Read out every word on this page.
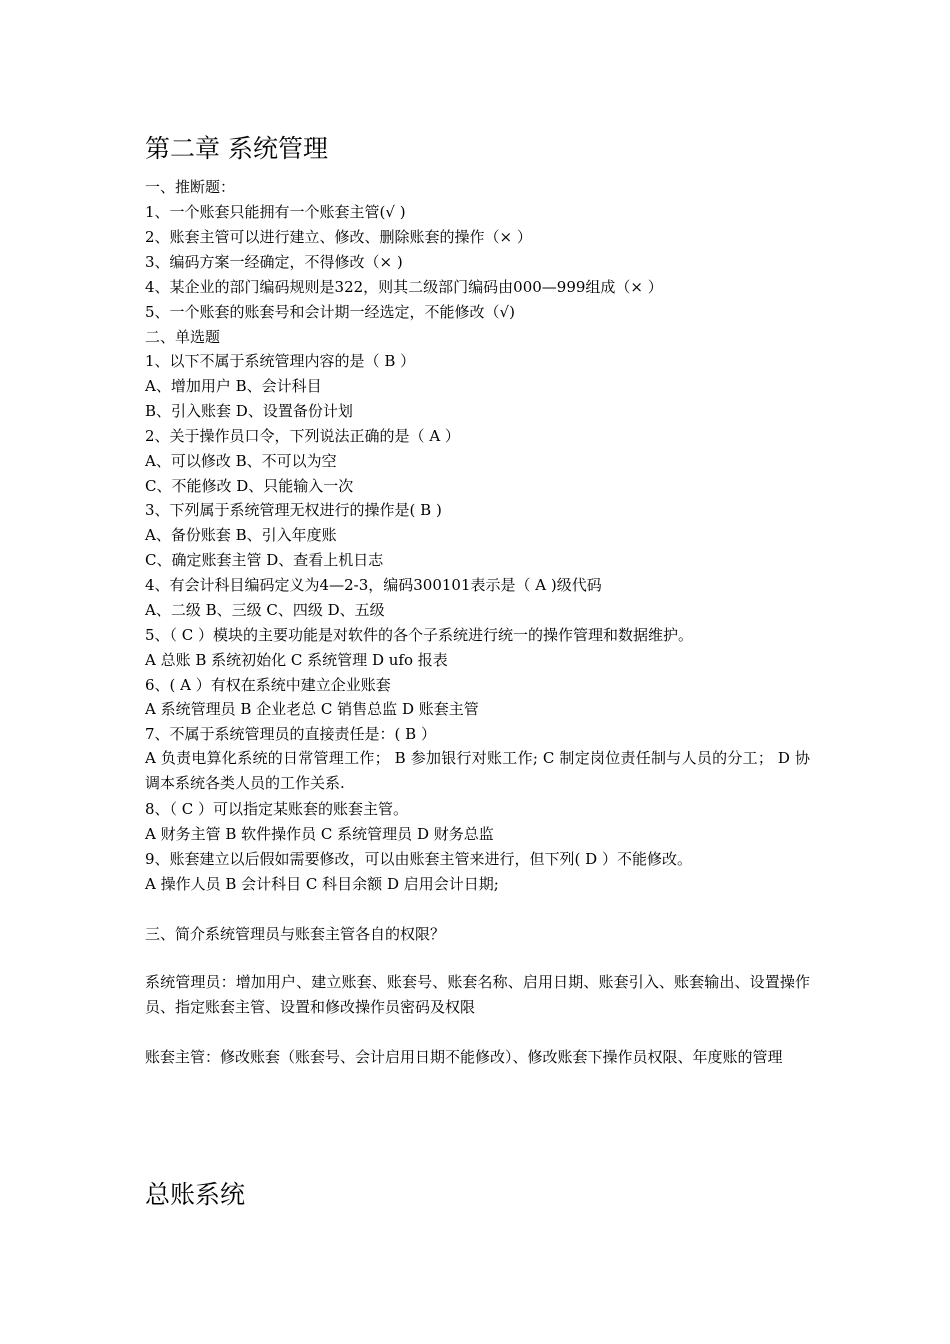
第二章 系统管理
一、推断题：
1、一个账套只能拥有一个账套主管(√ )
2、账套主管可以进行建立、修改、删除账套的操作（× ）
3、编码方案一经确定，不得修改（× )
4、某企业的部门编码规则是322，则其二级部门编码由000—999组成（× ）
5、一个账套的账套号和会计期一经选定，不能修改（√)
二、单选题
1、以下不属于系统管理内容的是（ B ）
A、增加用户 B、会计科目
B、引入账套 D、设置备份计划
2、关于操作员口令，下列说法正确的是（ A ）
A、可以修改 B、不可以为空
C、不能修改 D、只能输入一次
3、下列属于系统管理无权进行的操作是( B )
A、备份账套 B、引入年度账
C、确定账套主管 D、查看上机日志
4、有会计科目编码定义为4—2-3，编码300101表示是（ A )级代码
A、二级 B、三级 C、四级 D、五级
5、（ C ）模块的主要功能是对软件的各个子系统进行统一的操作管理和数据维护。
A 总账 B 系统初始化 C 系统管理 D ufo 报表
6、( A ）有权在系统中建立企业账套
A 系统管理员 B 企业老总 C 销售总监 D 账套主管
7、不属于系统管理员的直接责任是：( B ）
A 负责电算化系统的日常管理工作； B 参加银行对账工作; C 制定岗位责任制与人员的分工； D 协调本系统各类人员的工作关系.
8、（ C ）可以指定某账套的账套主管。
A 财务主管 B 软件操作员 C 系统管理员 D 财务总监
9、账套建立以后假如需要修改，可以由账套主管来进行，但下列( D ）不能修改。
A 操作人员 B 会计科目 C 科目余额 D 启用会计日期;
三、简介系统管理员与账套主管各自的权限？
系统管理员：增加用户、建立账套、账套号、账套名称、启用日期、账套引入、账套输出、设置操作员、指定账套主管、设置和修改操作员密码及权限
账套主管：修改账套（账套号、会计启用日期不能修改）、修改账套下操作员权限、年度账的管理
总账系统
